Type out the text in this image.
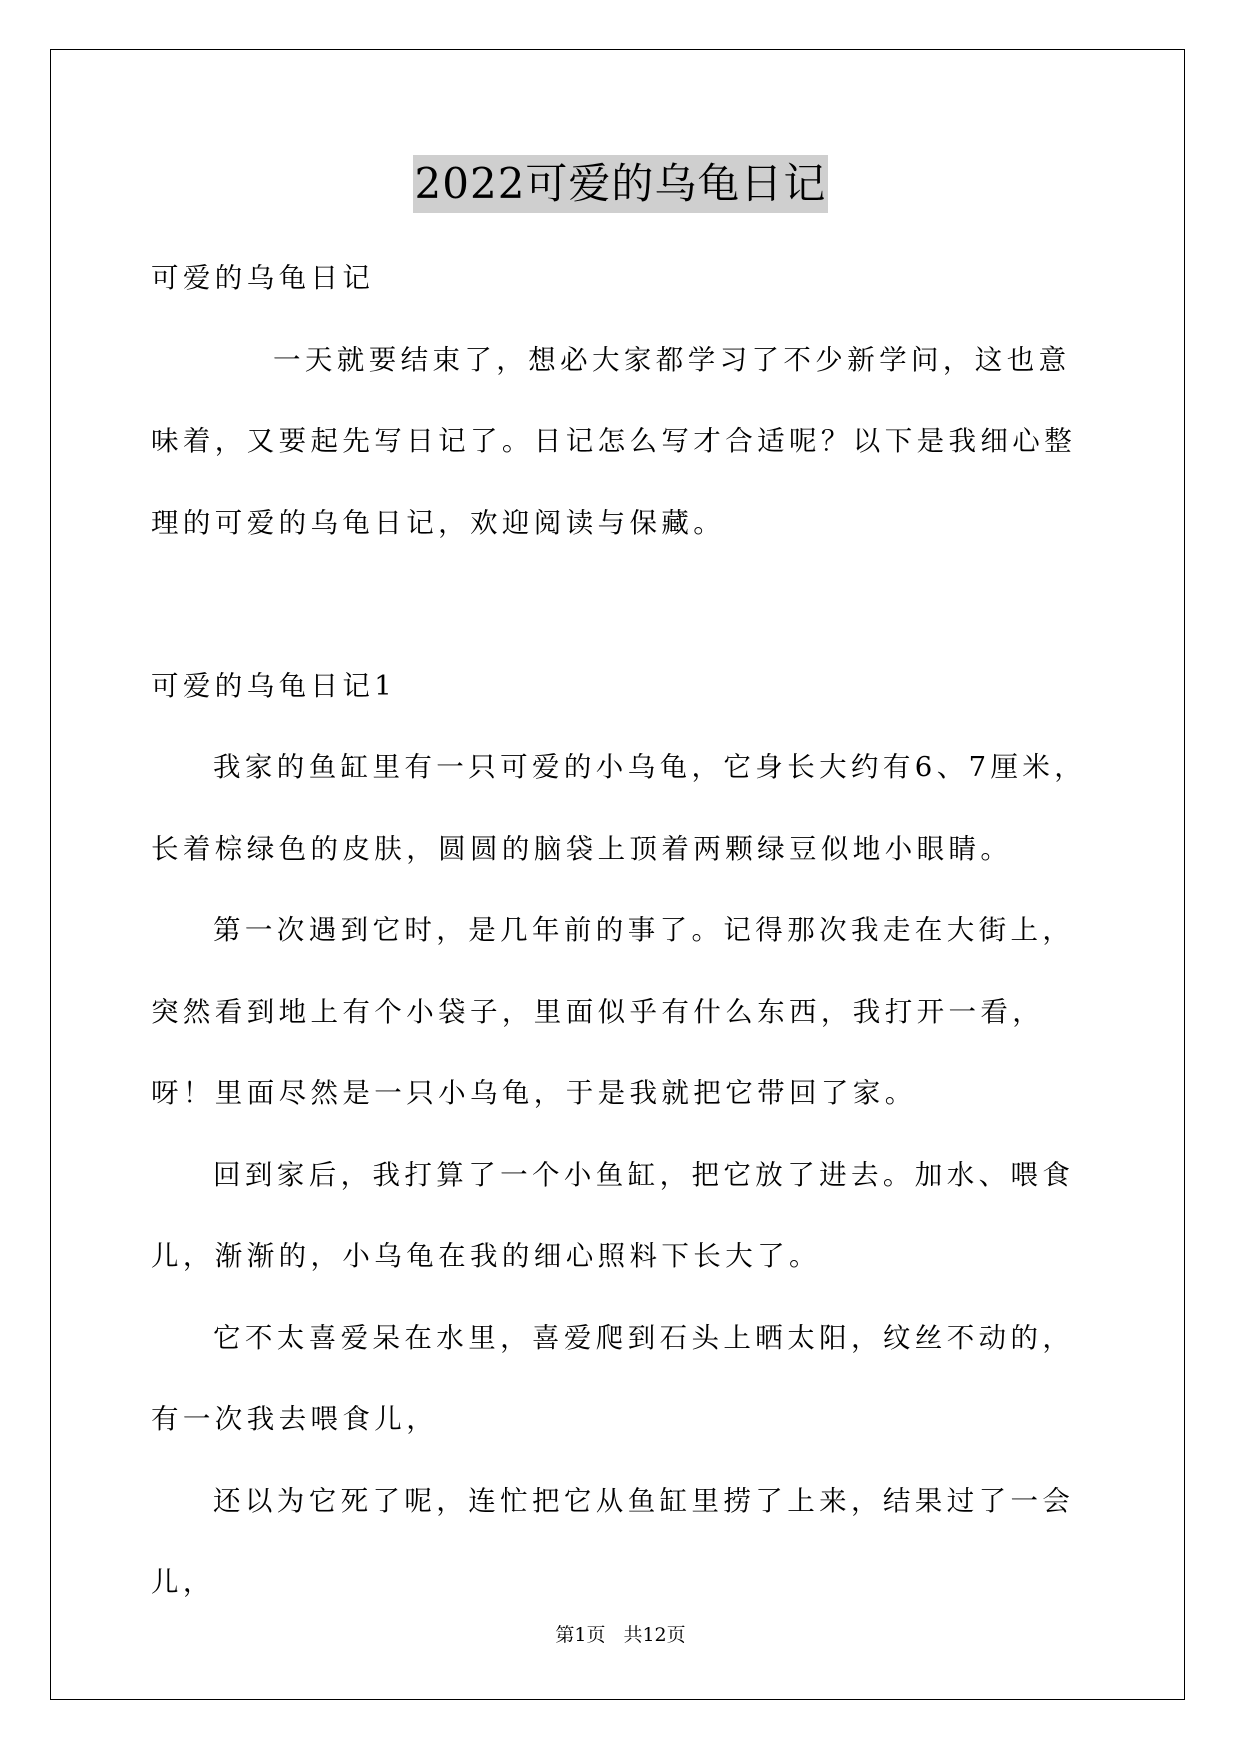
2022可爱的乌龟日记

可爱的乌龟日记

一天就要结束了，想必大家都学习了不少新学问，这也意味着，又要起先写日记了。日记怎么写才合适呢？以下是我细心整理的可爱的乌龟日记，欢迎阅读与保藏。

可爱的乌龟日记1

我家的鱼缸里有一只可爱的小乌龟，它身长大约有6、7厘米，长着棕绿色的皮肤，圆圆的脑袋上顶着两颗绿豆似地小眼睛。

第一次遇到它时，是几年前的事了。记得那次我走在大街上，突然看到地上有个小袋子，里面似乎有什么东西，我打开一看，呀！里面尽然是一只小乌龟，于是我就把它带回了家。

回到家后，我打算了一个小鱼缸，把它放了进去。加水、喂食儿，渐渐的，小乌龟在我的细心照料下长大了。

它不太喜爱呆在水里，喜爱爬到石头上晒太阳，纹丝不动的，有一次我去喂食儿，

还以为它死了呢，连忙把它从鱼缸里捞了上来，结果过了一会儿，

第1页 共12页
